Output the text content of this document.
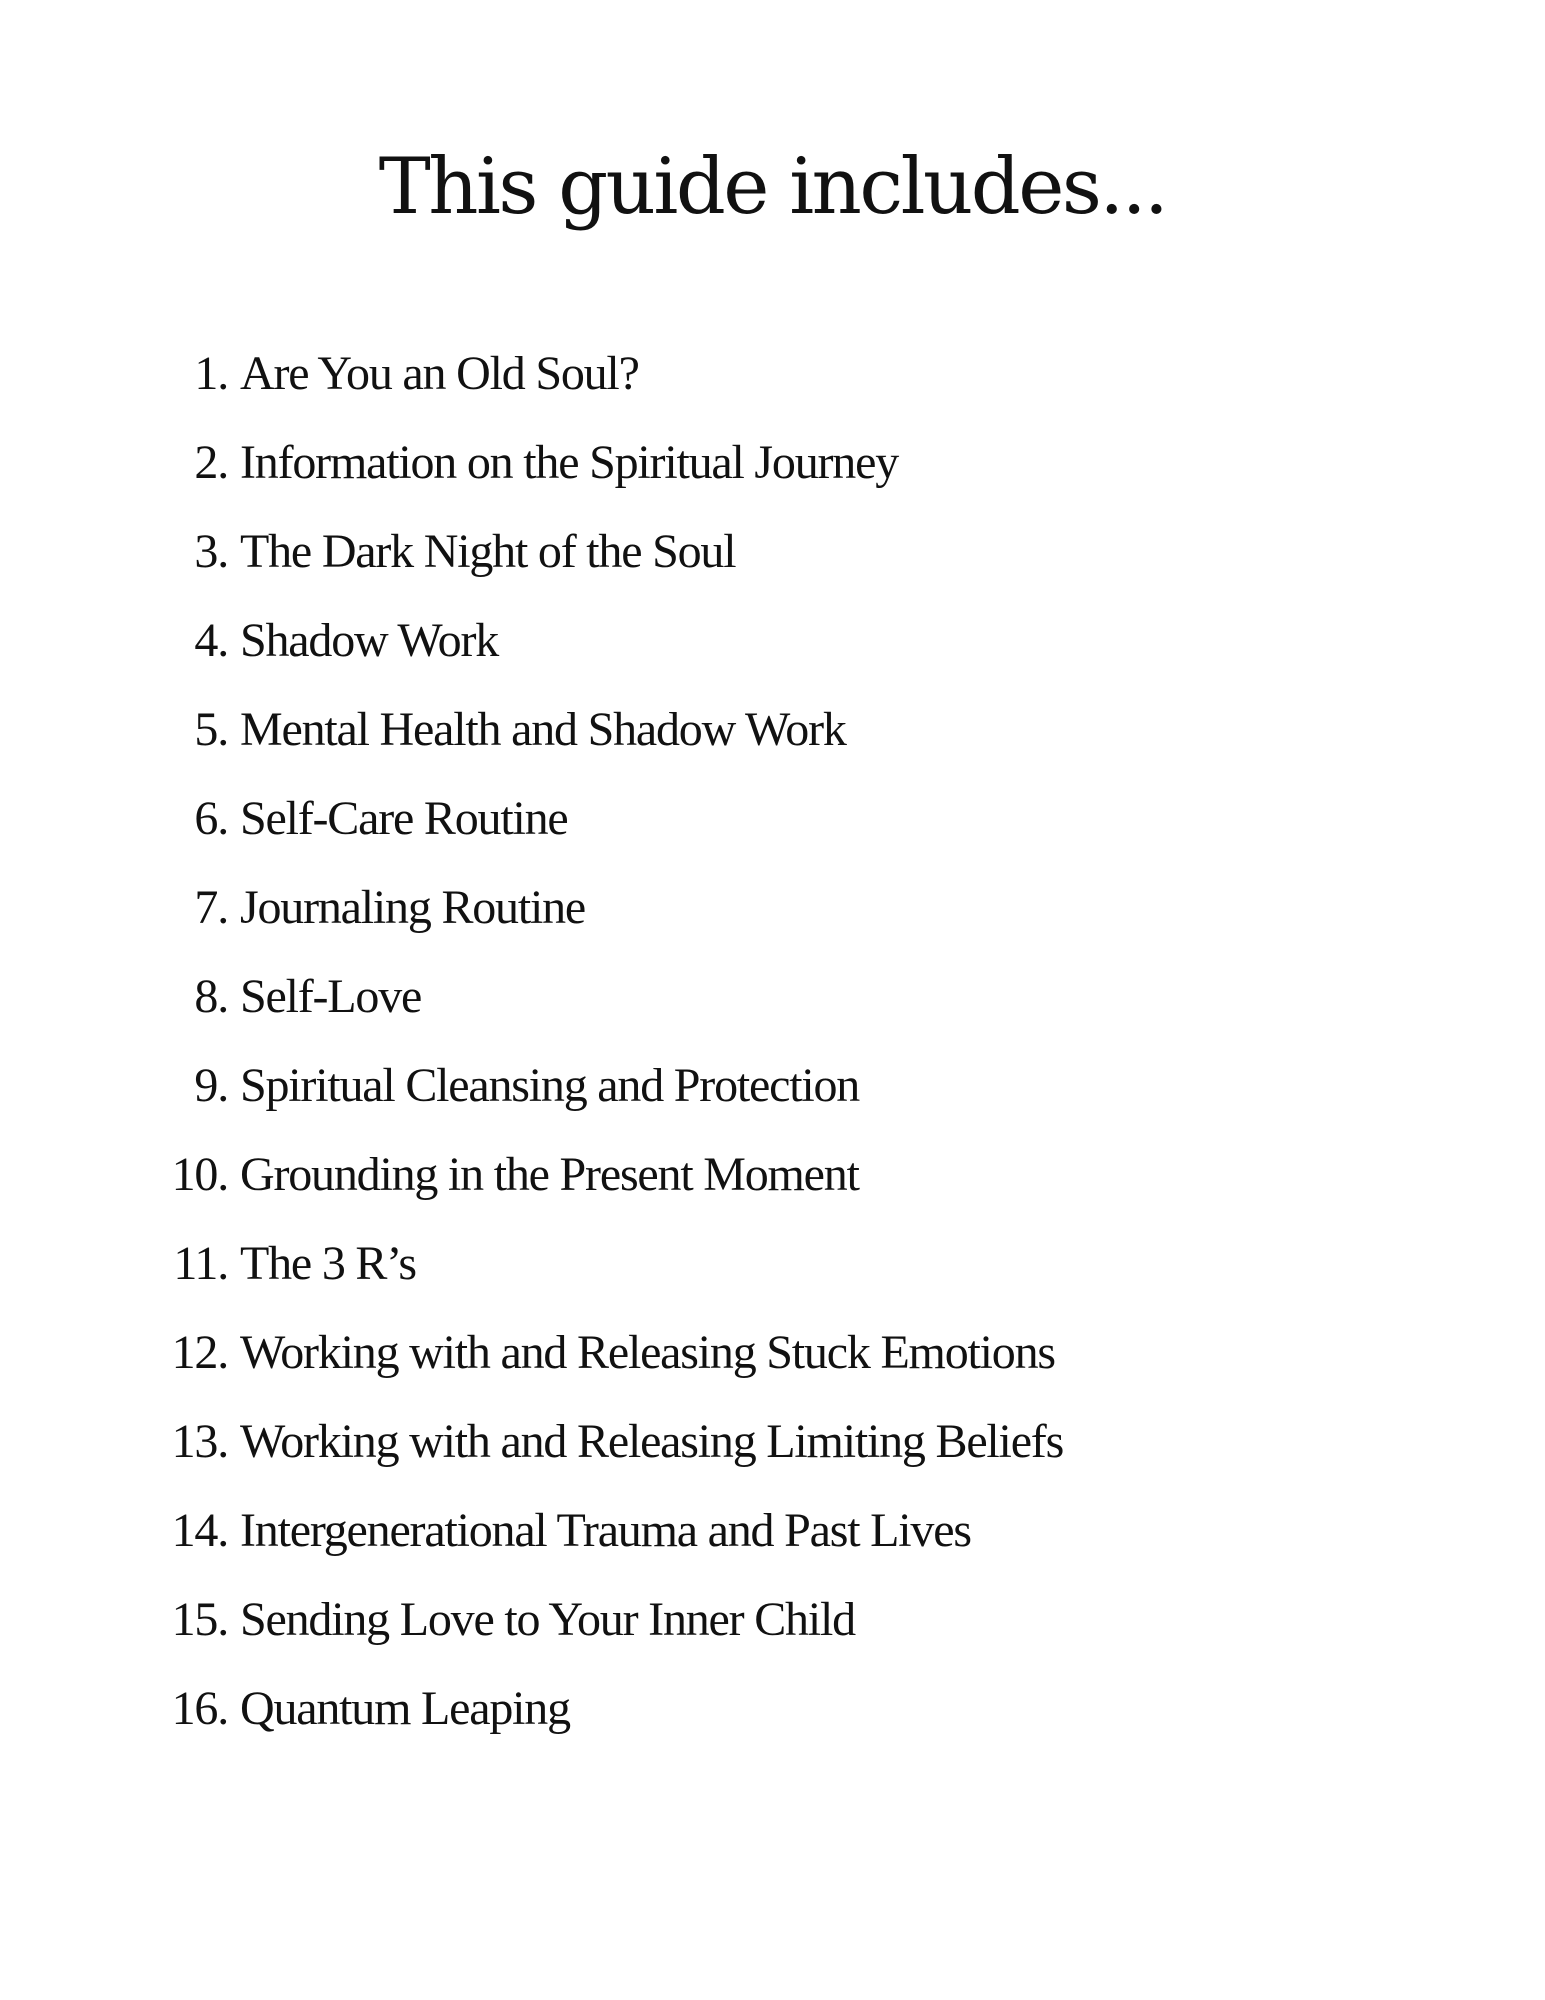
This guide includes...
1. Are You an Old Soul?
2. Information on the Spiritual Journey
3. The Dark Night of the Soul
4. Shadow Work
5. Mental Health and Shadow Work
6. Self-Care Routine
7. Journaling Routine
8. Self-Love
9. Spiritual Cleansing and Protection
10. Grounding in the Present Moment
11. The 3 R’s
12. Working with and Releasing Stuck Emotions
13. Working with and Releasing Limiting Beliefs
14. Intergenerational Trauma and Past Lives
15. Sending Love to Your Inner Child
16. Quantum Leaping
